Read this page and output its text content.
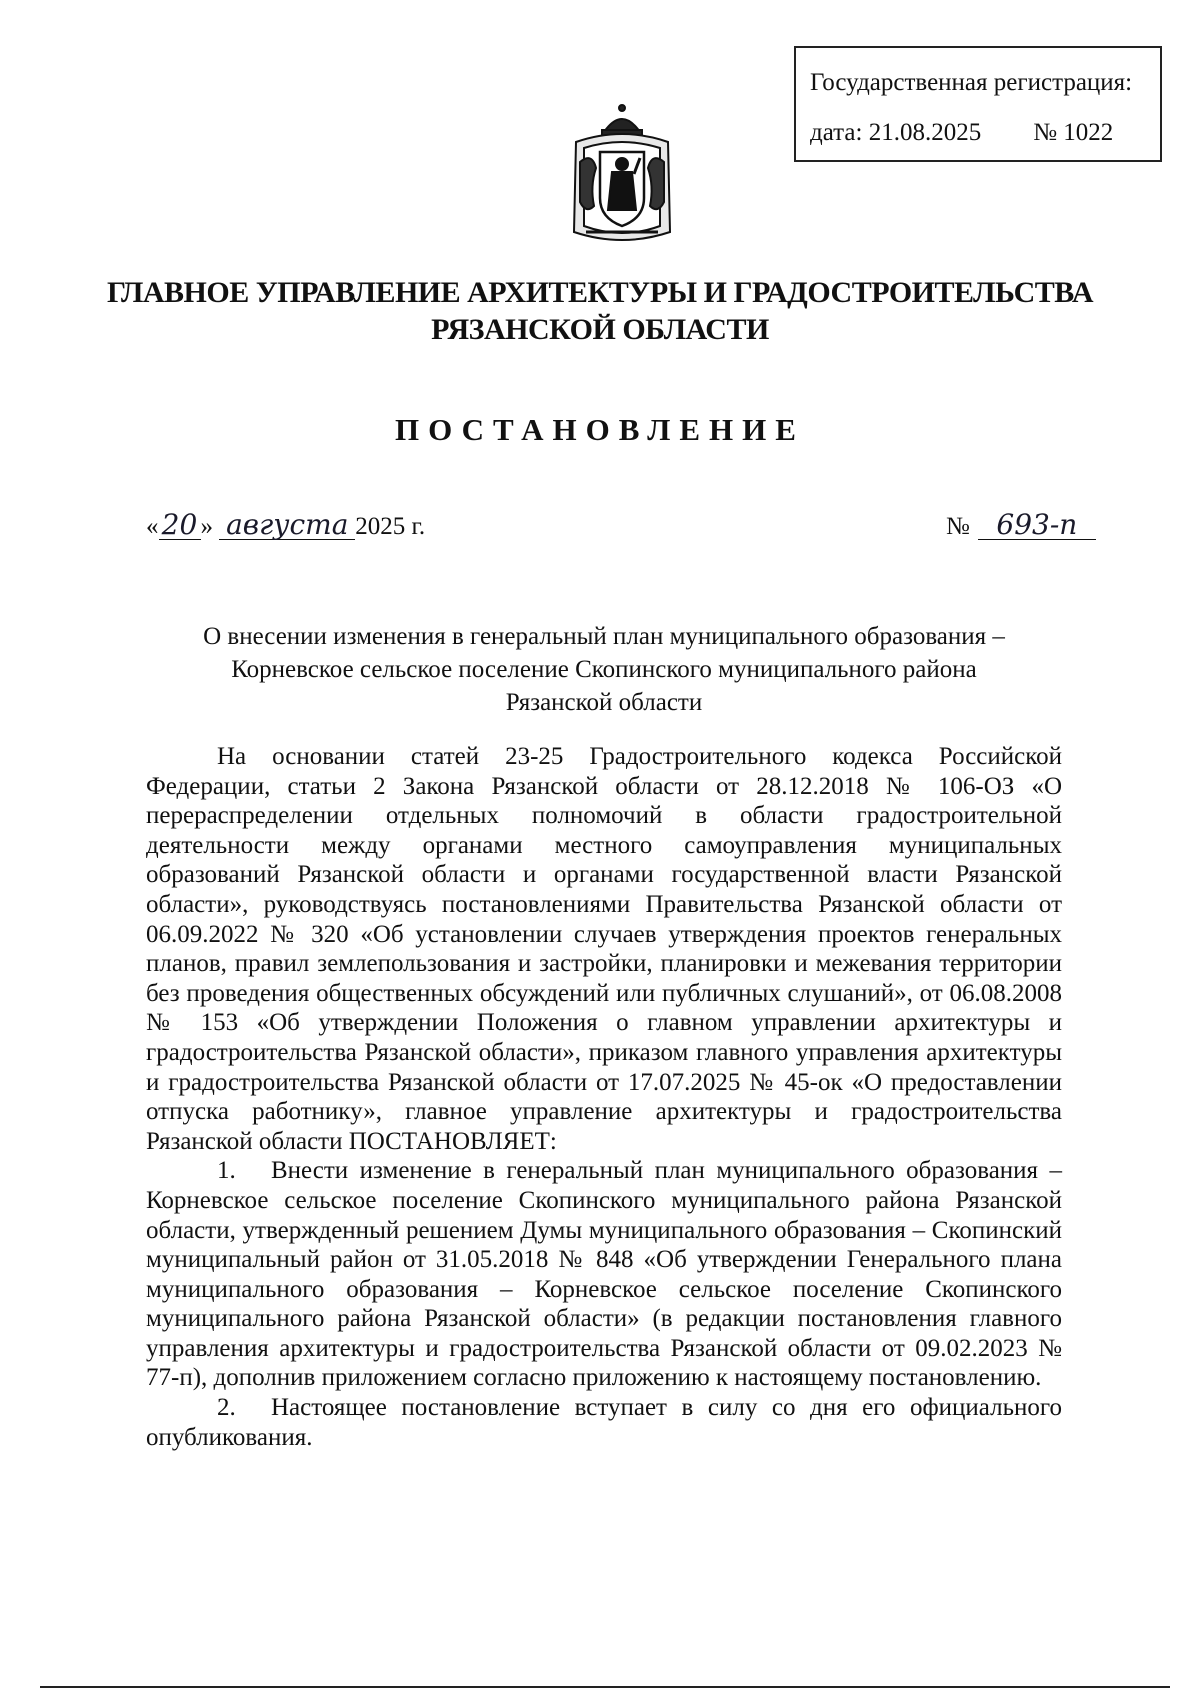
Государственная регистрация:
дата: 21.08.2025 № 1022
ГЛАВНОЕ УПРАВЛЕНИЕ АРХИТЕКТУРЫ И ГРАДОСТРОИТЕЛЬСТВА
РЯЗАНСКОЙ ОБЛАСТИ
ПОСТАНОВЛЕНИЕ
« 20 » августа 2025 г.	№ 693-п
О внесении изменения в генеральный план муниципального образования –
Корневское сельское поселение Скопинского муниципального района
Рязанской области

На основании статей 23-25 Градостроительного кодекса Российской Федерации, статьи 2 Закона Рязанской области от 28.12.2018 № 106-ОЗ «О перераспределении отдельных полномочий в области градостроительной деятельности между органами местного самоуправления муниципальных образований Рязанской области и органами государственной власти Рязанской области», руководствуясь постановлениями Правительства Рязанской области от 06.09.2022 № 320 «Об установлении случаев утверждения проектов генеральных планов, правил землепользования и застройки, планировки и межевания территории без проведения общественных обсуждений или публичных слушаний», от 06.08.2008 № 153 «Об утверждении Положения о главном управлении архитектуры и градостроительства Рязанской области», приказом главного управления архитектуры и градостроительства Рязанской области от 17.07.2025 № 45-ок «О предоставлении отпуска работнику», главное управление архитектуры и градостроительства Рязанской области ПОСТАНОВЛЯЕТ:

1. Внести изменение в генеральный план муниципального образования – Корневское сельское поселение Скопинского муниципального района Рязанской области, утвержденный решением Думы муниципального образования – Скопинский муниципальный район от 31.05.2018 № 848 «Об утверждении Генерального плана муниципального образования – Корневское сельское поселение Скопинского муниципального района Рязанской области» (в редакции постановления главного управления архитектуры и градостроительства Рязанской области от 09.02.2023 № 77-п), дополнив приложением согласно приложению к настоящему постановлению.

2. Настоящее постановление вступает в силу со дня его официального опубликования.
